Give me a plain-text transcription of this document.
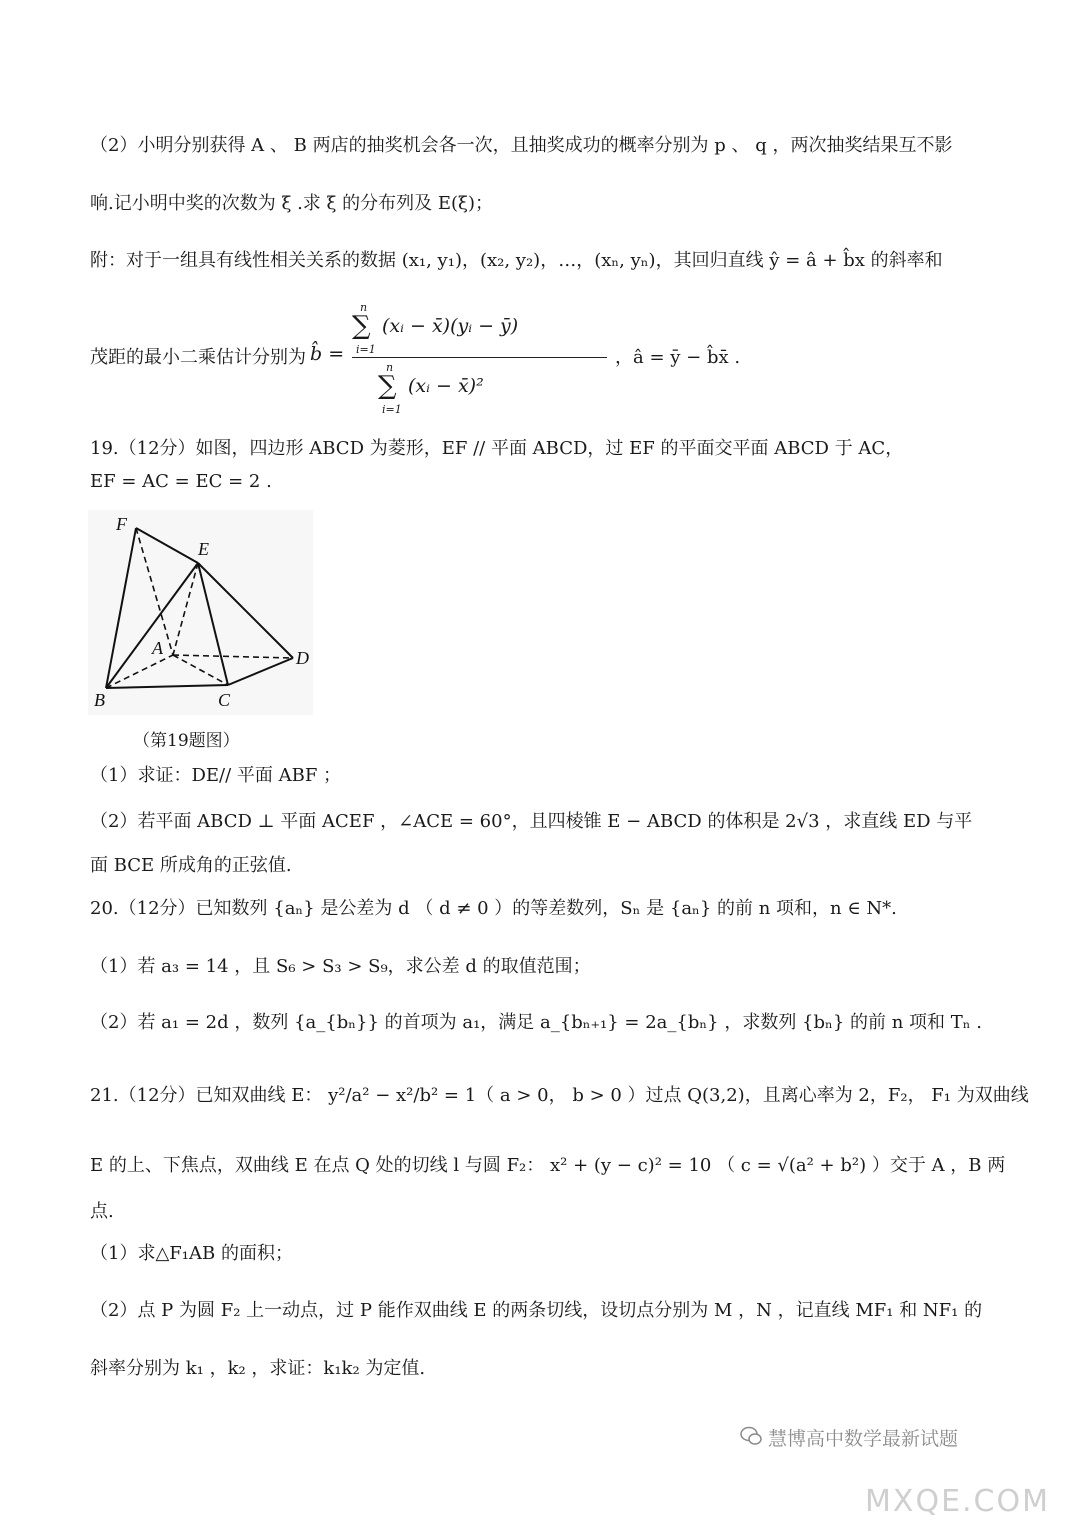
（2）小明分别获得 A 、 B 两店的抽奖机会各一次，且抽奖成功的概率分别为 p 、 q ，两次抽奖结果互不影
响.记小明中奖的次数为 ξ .求 ξ 的分布列及 E(ξ)；
附：对于一组具有线性相关关系的数据 (x₁, y₁)，(x₂, y₂)，…，(xₙ, yₙ)，其回归直线 ŷ = â + b̂x 的斜率和
茂距的最小二乘估计分别为 b̂ =
∑
n
i=1
(xᵢ − x̄)(yᵢ − ȳ)
∑
n
i=1
(xᵢ − x̄)²
，â = ȳ − b̂x̄ .
19.（12分）如图，四边形 ABCD 为菱形，EF // 平面 ABCD，过 EF 的平面交平面 ABCD 于 AC，
EF = AC = EC = 2 .
F
E
A	D
B	C
（第19题图）
（1）求证：DE// 平面 ABF ；
（2）若平面 ABCD ⊥ 平面 ACEF ，∠ACE = 60°，且四棱锥 E − ABCD 的体积是 2√3 ，求直线 ED 与平
面 BCE 所成角的正弦值.
20.（12分）已知数列 {aₙ} 是公差为 d （ d ≠ 0 ）的等差数列，Sₙ 是 {aₙ} 的前 n 项和，n ∈ N*.
（1）若 a₃ = 14 ，且 S₆ > S₃ > S₉，求公差 d 的取值范围；
（2）若 a₁ = 2d ，数列 {a_{bₙ}} 的首项为 a₁，满足 a_{bₙ₊₁} = 2a_{bₙ} ，求数列 {bₙ} 的前 n 项和 Tₙ .
21.（12分）已知双曲线 E： y²/a² − x²/b² = 1（ a > 0， b > 0 ）过点 Q(3,2)，且离心率为 2，F₂， F₁ 为双曲线
E 的上、下焦点，双曲线 E 在点 Q 处的切线 l 与圆 F₂： x² + (y − c)² = 10 （ c = √(a² + b²) ）交于 A ，B 两
点.
（1）求△F₁AB 的面积；
（2）点 P 为圆 F₂ 上一动点，过 P 能作双曲线 E 的两条切线，设切点分别为 M ，N ，记直线 MF₁ 和 NF₁ 的
斜率分别为 k₁ ，k₂ ，求证：k₁k₂ 为定值.
慧博高中数学最新试题
MXQE.COM
